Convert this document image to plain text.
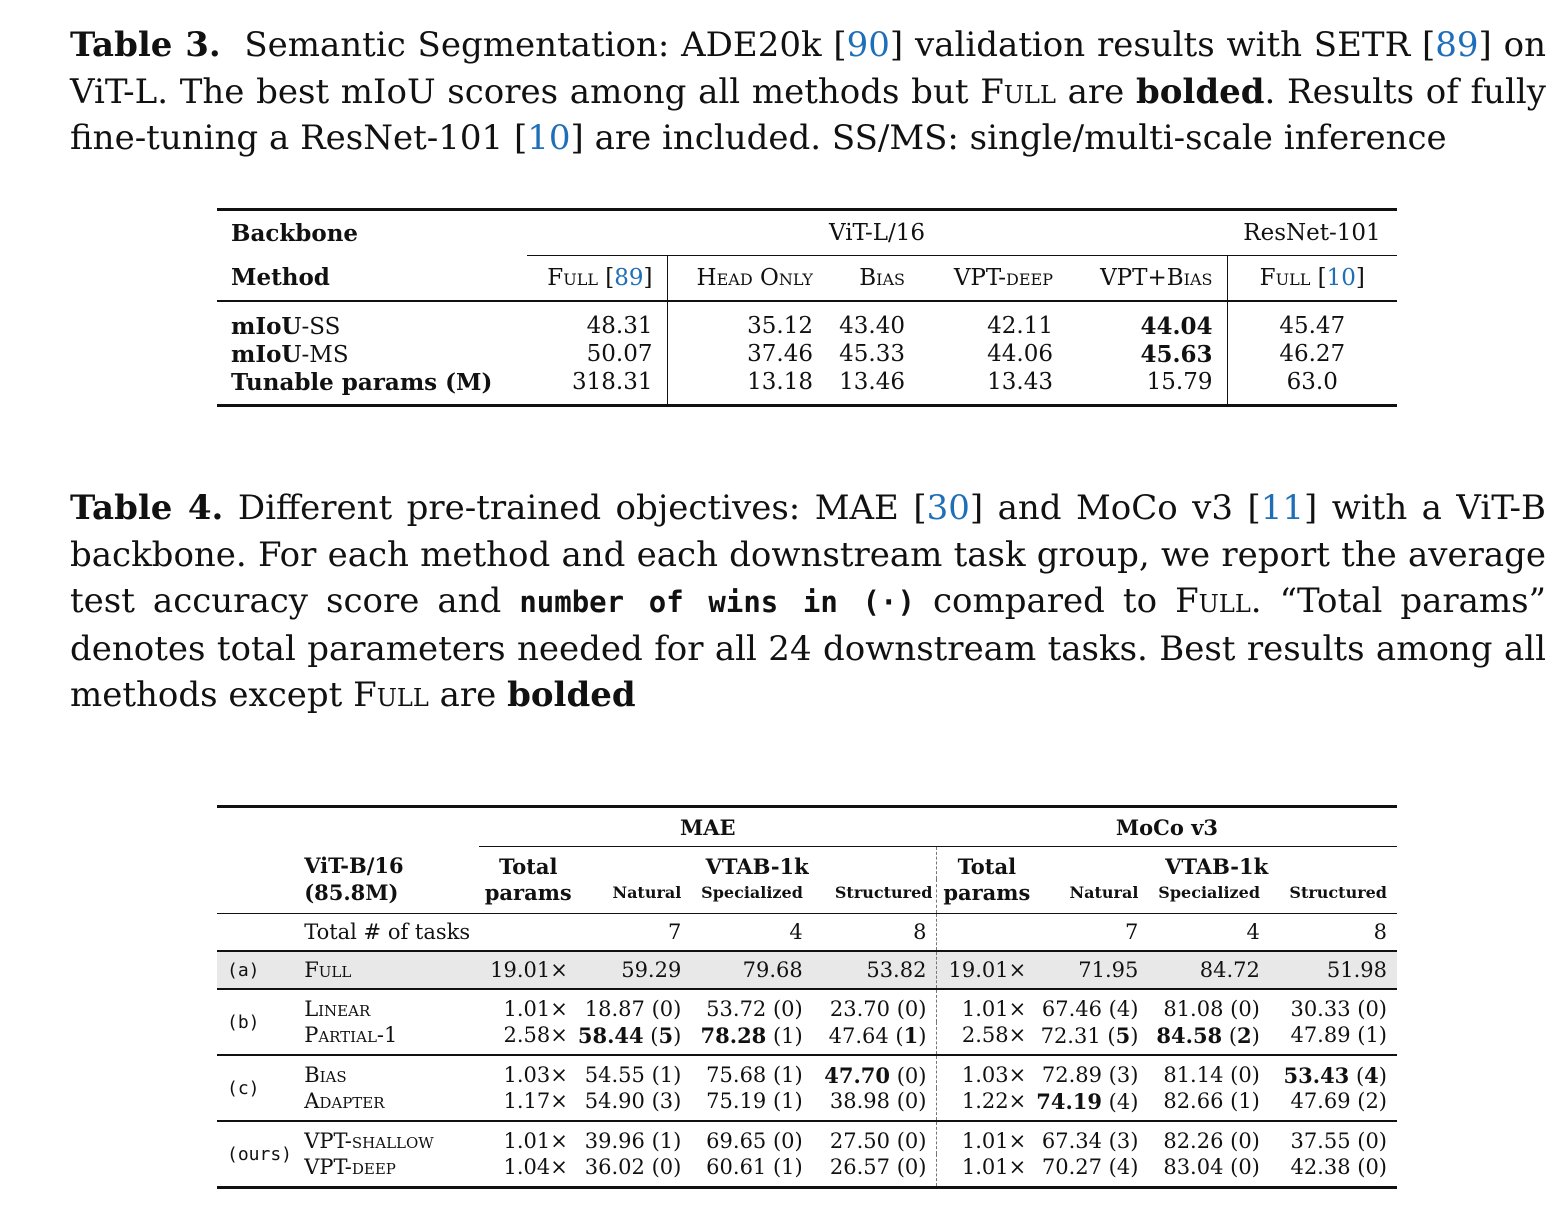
Table 3. Semantic Segmentation: ADE20k [90] validation results with SETR [89] on ViT-L. The best mIoU scores among all methods but Full are bolded. Results of fully fine-tuning a ResNet-101 [10] are included. SS/MS: single/multi-scale inference
Backbone	ViT-L/16					ResNet-101
Method	Full [89]	Head Only	Bias	VPT-deep	VPT+Bias	Full [10]
mIoU-SS	48.31	35.12	43.40	42.11	44.04	45.47
mIoU-MS	50.07	37.46	45.33	44.06	45.63	46.27
Tunable params (M)	318.31	13.18	13.46	13.43	15.79	63.0
Table 4. Different pre-trained objectives: MAE [30] and MoCo v3 [11] with a ViT-B backbone. For each method and each downstream task group, we report the average test accuracy score and number of wins in (·) compared to Full. “Total params” denotes total parameters needed for all 24 downstream tasks. Best results among all methods except Full are bolded
		MAE				MoCo v3			
	ViT-B/16	Total	VTAB-1k			Total	VTAB-1k		
	(85.8M)	params	Natural	Specialized	Structured	params	Natural	Specialized	Structured
	Total # of tasks		7	4	8		7	4	8
(a)	Full	19.01×	59.29	79.68	53.82	19.01×	71.95	84.72	51.98
(b)	Linear	1.01×	18.87 (0)	53.72 (0)	23.70 (0)	1.01×	67.46 (4)	81.08 (0)	30.33 (0)
	Partial-1	2.58×	58.44 (5)	78.28 (1)	47.64 (1)	2.58×	72.31 (5)	84.58 (2)	47.89 (1)
(c)	Bias	1.03×	54.55 (1)	75.68 (1)	47.70 (0)	1.03×	72.89 (3)	81.14 (0)	53.43 (4)
	Adapter	1.17×	54.90 (3)	75.19 (1)	38.98 (0)	1.22×	74.19 (4)	82.66 (1)	47.69 (2)
(ours)	VPT-shallow	1.01×	39.96 (1)	69.65 (0)	27.50 (0)	1.01×	67.34 (3)	82.26 (0)	37.55 (0)
	VPT-deep	1.04×	36.02 (0)	60.61 (1)	26.57 (0)	1.01×	70.27 (4)	83.04 (0)	42.38 (0)
